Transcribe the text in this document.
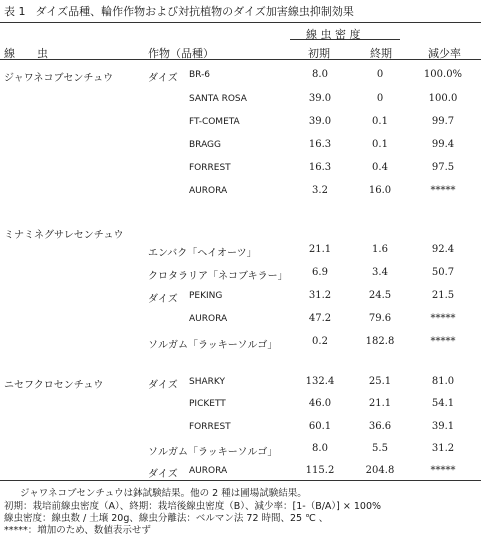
表 1 ダイズ品種、輪作作物および対抗植物のダイズ加害線虫抑制効果
線　　虫	作物（品種）
線 虫 密 度
初期	終期	減少率
ジャワネコブセンチュウ	ダイズ BR-6	8.0	0	100.0%
SANTA ROSA	39.0	0	100.0
FT-COMETA	39.0	0.1	99.7
BRAGG	16.3	0.1	99.4
FORREST	16.3	0.4	97.5
AURORA	3.2	16.0	*****
ミナミネグサレセンチュウ
エンバク「ヘイオーツ」	21.1	1.6	92.4
クロタラリア「ネコブキラー」	6.9	3.4	50.7
ダイズ PEKING	31.2	24.5	21.5
AURORA	47.2	79.6	*****
ソルガム「ラッキーソルゴ」	0.2	182.8	*****
ニセフクロセンチュウ	ダイズ SHARKY	132.4	25.1	81.0
PICKETT	46.0	21.1	54.1
FORREST	60.1	36.6	39.1
ソルガム「ラッキーソルゴ」	8.0	5.5	31.2
ダイズ AURORA	115.2	204.8	*****
ジャワネコブセンチュウは鉢試験結果。他の 2 種は圃場試験結果。
初期：栽培前線虫密度（A）、終期：栽培後線虫密度（B）、減少率：[1-（B/A）] × 100%
線虫密度：線虫数 / 土壌 20g、線虫分離法：ベルマン法 72 時間、25 ℃ 、
*****：増加のため、数値表示せず
